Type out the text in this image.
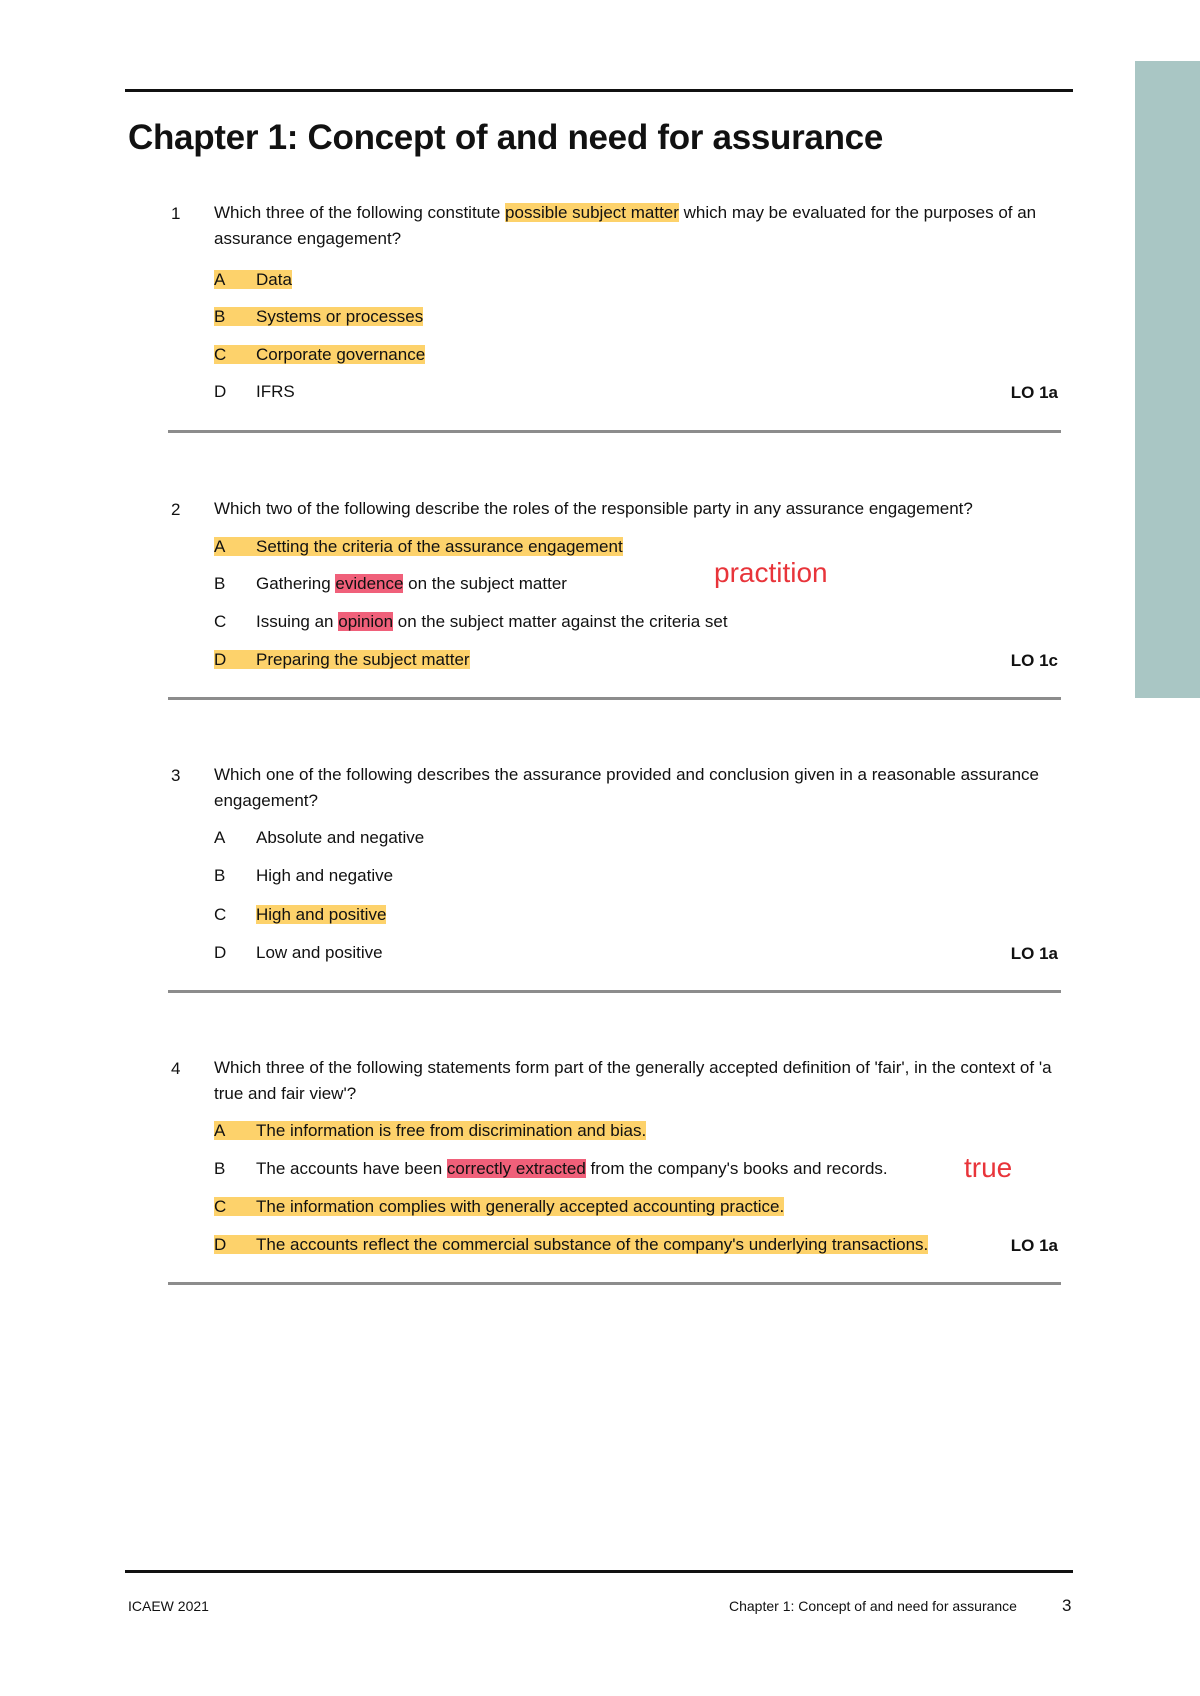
Chapter 1: Concept of and need for assurance
1 Which three of the following constitute possible subject matter which may be evaluated for the purposes of an assurance engagement?
A Data
B Systems or processes
C Corporate governance
D IFRS	LO 1a
2 Which two of the following describe the roles of the responsible party in any assurance engagement?
A Setting the criteria of the assurance engagement
B Gathering evidence on the subject matter	practition
C Issuing an opinion on the subject matter against the criteria set
D Preparing the subject matter	LO 1c
3 Which one of the following describes the assurance provided and conclusion given in a reasonable assurance engagement?
A Absolute and negative
B High and negative
C High and positive
D Low and positive	LO 1a
4 Which three of the following statements form part of the generally accepted definition of 'fair', in the context of 'a true and fair view'?
A The information is free from discrimination and bias.
B The accounts have been correctly extracted from the company's books and records.	true
C The information complies with generally accepted accounting practice.
D The accounts reflect the commercial substance of the company's underlying transactions.	LO 1a
ICAEW 2021	Chapter 1: Concept of and need for assurance	3
